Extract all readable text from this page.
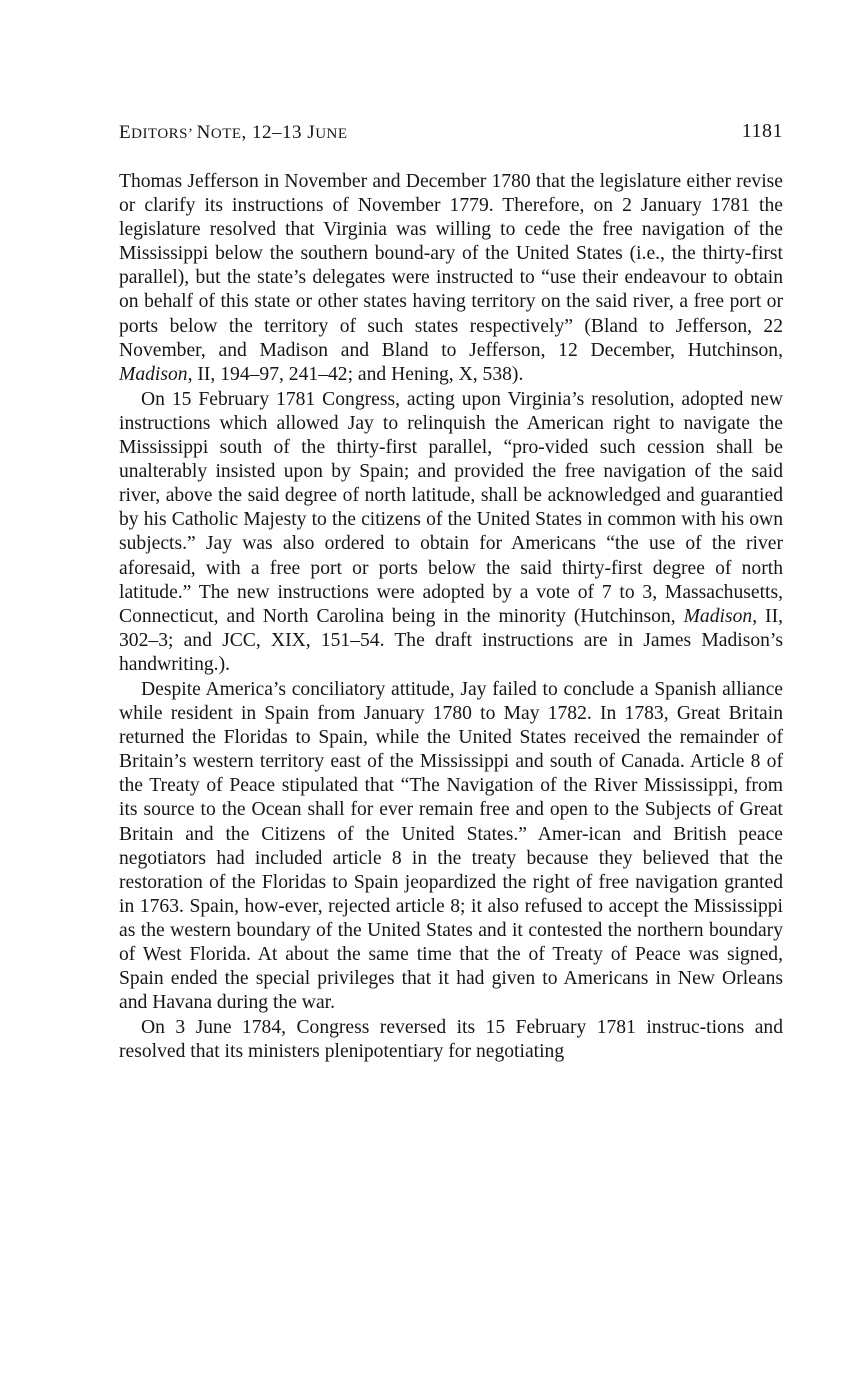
EDITORS’ NOTE, 12–13 JUNE	1181

Thomas Jefferson in November and December 1780 that the legislature either revise or clarify its instructions of November 1779. Therefore, on 2 January 1781 the legislature resolved that Virginia was willing to cede the free navigation of the Mississippi below the southern bound-ary of the United States (i.e., the thirty-first parallel), but the state’s delegates were instructed to “use their endeavour to obtain on behalf of this state or other states having territory on the said river, a free port or ports below the territory of such states respectively” (Bland to Jefferson, 22 November, and Madison and Bland to Jefferson, 12 December, Hutchinson, Madison, II, 194–97, 241–42; and Hening, X, 538).

On 15 February 1781 Congress, acting upon Virginia’s resolution, adopted new instructions which allowed Jay to relinquish the American right to navigate the Mississippi south of the thirty-first parallel, “pro-vided such cession shall be unalterably insisted upon by Spain; and provided the free navigation of the said river, above the said degree of north latitude, shall be acknowledged and guarantied by his Catholic Majesty to the citizens of the United States in common with his own subjects.” Jay was also ordered to obtain for Americans “the use of the river aforesaid, with a free port or ports below the said thirty-first degree of north latitude.” The new instructions were adopted by a vote of 7 to 3, Massachusetts, Connecticut, and North Carolina being in the minority (Hutchinson, Madison, II, 302–3; and JCC, XIX, 151–54. The draft instructions are in James Madison’s handwriting.).

Despite America’s conciliatory attitude, Jay failed to conclude a Spanish alliance while resident in Spain from January 1780 to May 1782. In 1783, Great Britain returned the Floridas to Spain, while the United States received the remainder of Britain’s western territory east of the Mississippi and south of Canada. Article 8 of the Treaty of Peace stipulated that “The Navigation of the River Mississippi, from its source to the Ocean shall for ever remain free and open to the Subjects of Great Britain and the Citizens of the United States.” Amer-ican and British peace negotiators had included article 8 in the treaty because they believed that the restoration of the Floridas to Spain jeopardized the right of free navigation granted in 1763. Spain, how-ever, rejected article 8; it also refused to accept the Mississippi as the western boundary of the United States and it contested the northern boundary of West Florida. At about the same time that the of Treaty of Peace was signed, Spain ended the special privileges that it had given to Americans in New Orleans and Havana during the war.

On 3 June 1784, Congress reversed its 15 February 1781 instruc-tions and resolved that its ministers plenipotentiary for negotiating
